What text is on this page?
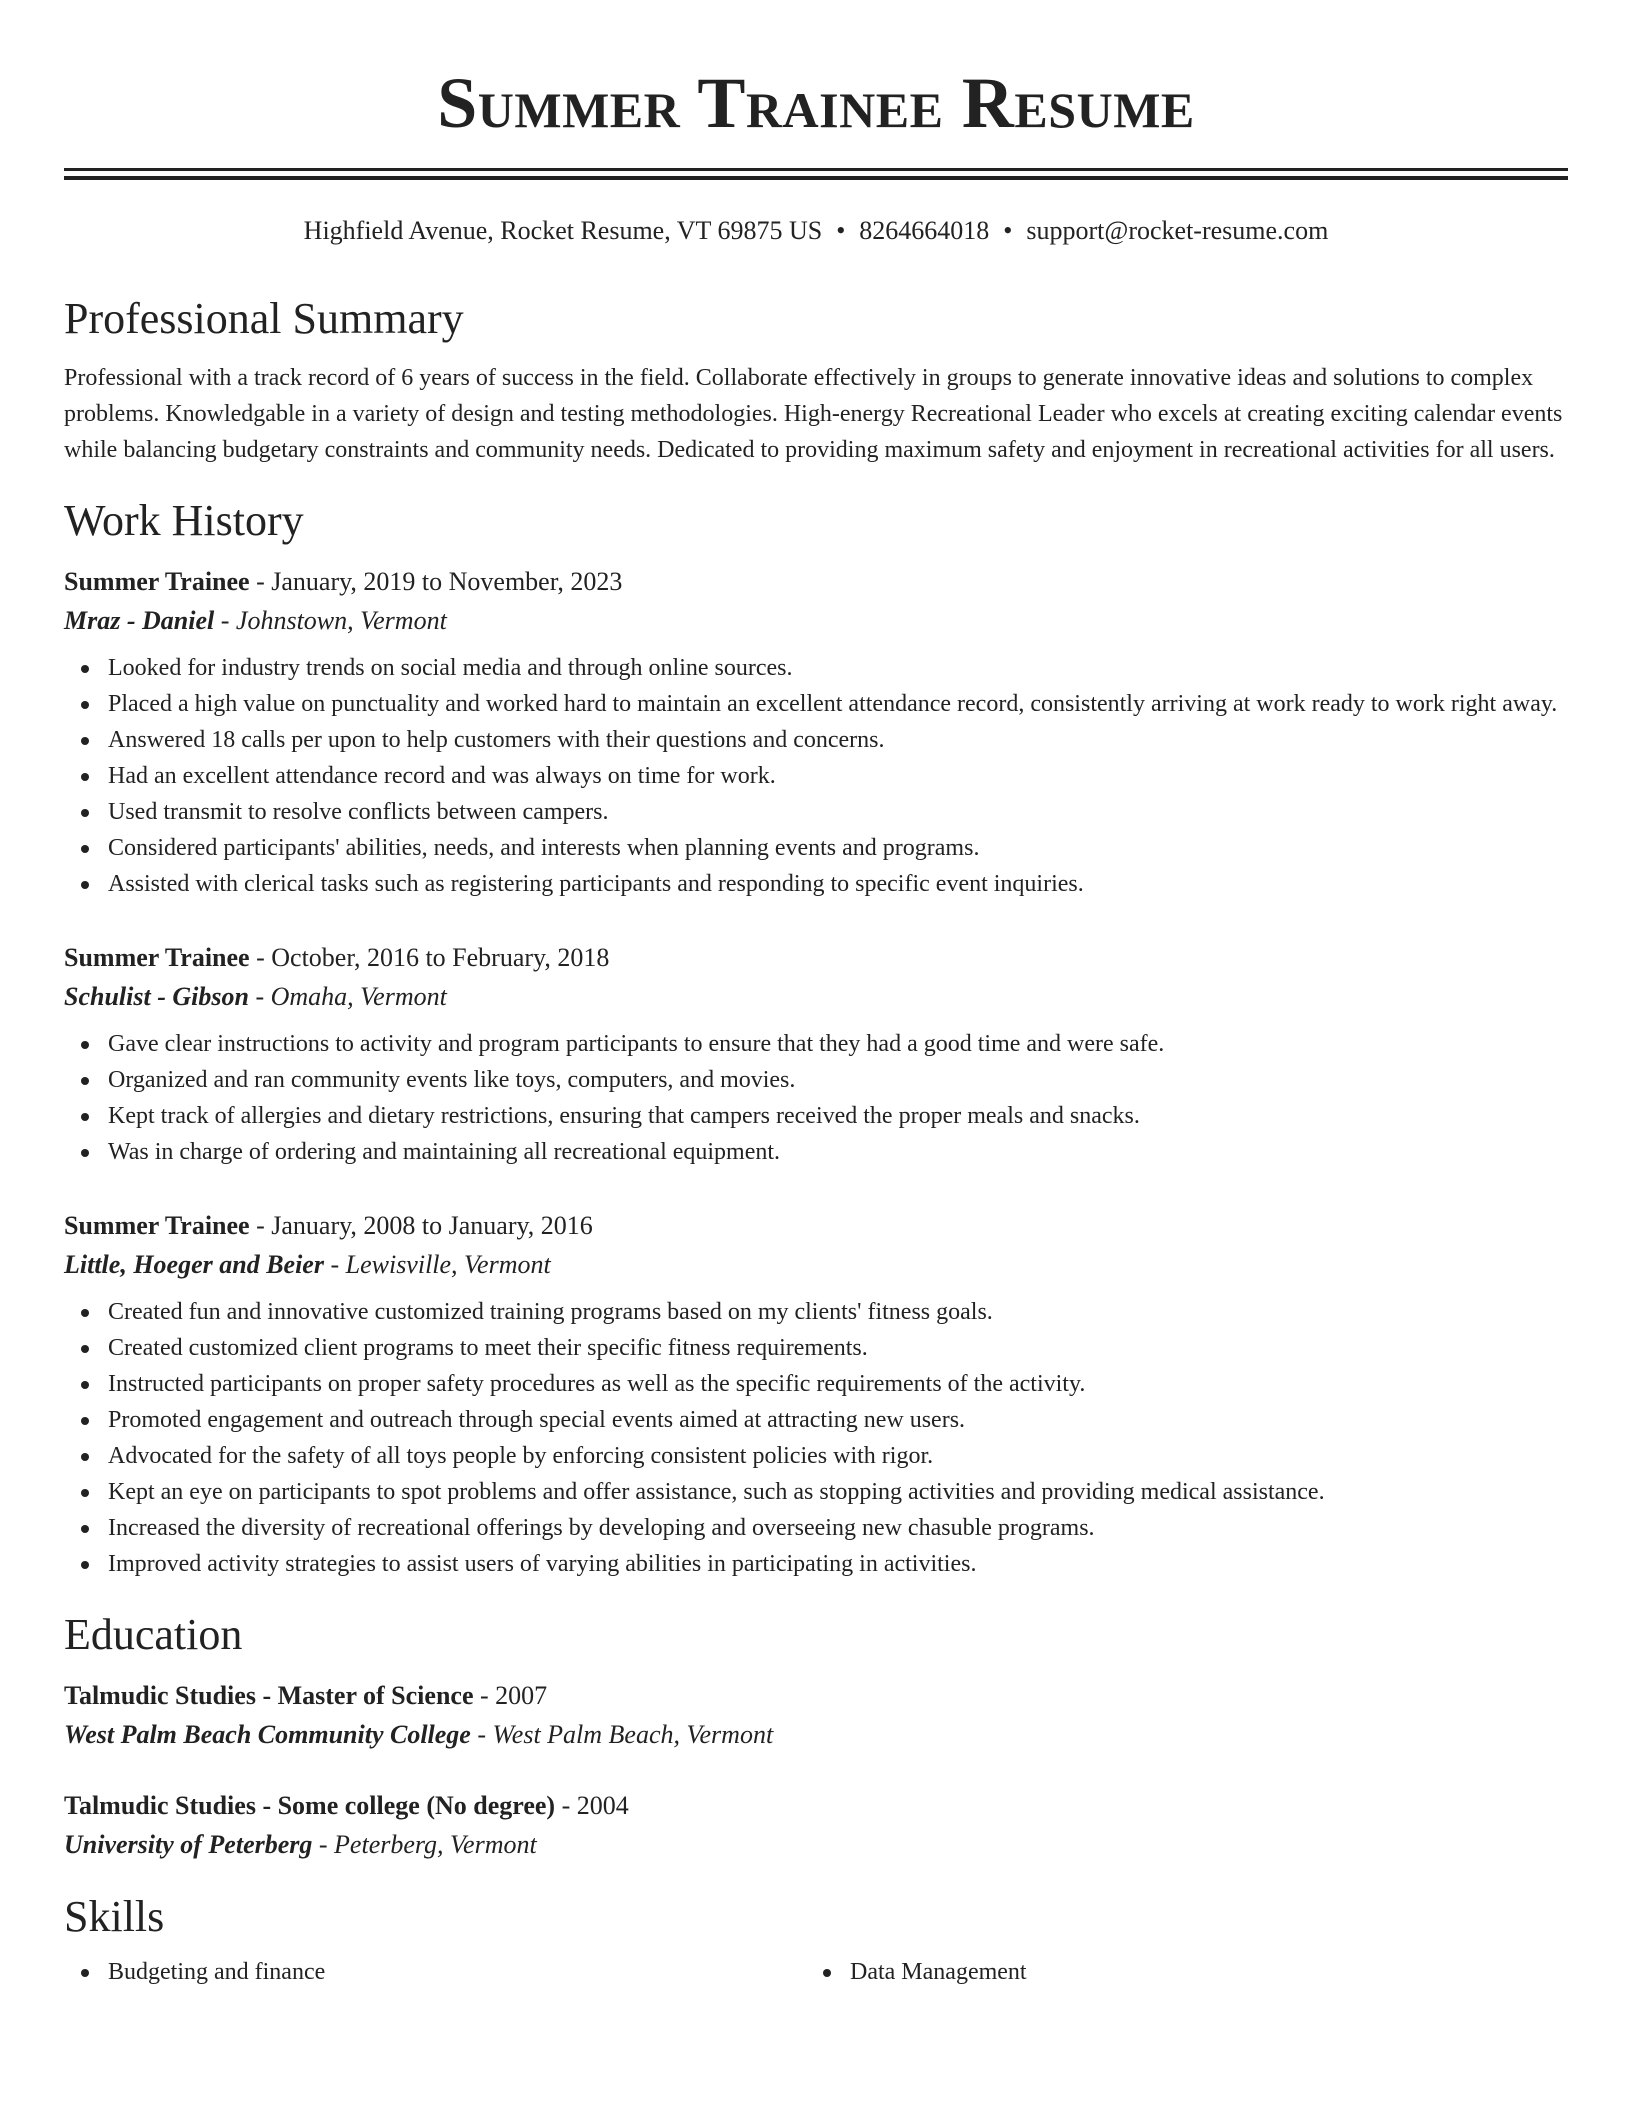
Summer Trainee Resume
Highfield Avenue, Rocket Resume, VT 69875 US • 8264664018 • support@rocket-resume.com
Professional Summary

Professional with a track record of 6 years of success in the field. Collaborate effectively in groups to generate innovative ideas and solutions to complex problems. Knowledgable in a variety of design and testing methodologies. High-energy Recreational Leader who excels at creating exciting calendar events while balancing budgetary constraints and community needs. Dedicated to providing maximum safety and enjoyment in recreational activities for all users.

Work History
Summer Trainee - January, 2019 to November, 2023
Mraz - Daniel - Johnstown, Vermont
Looked for industry trends on social media and through online sources.
Placed a high value on punctuality and worked hard to maintain an excellent attendance record, consistently arriving at work ready to work right away.
Answered 18 calls per upon to help customers with their questions and concerns.
Had an excellent attendance record and was always on time for work.
Used transmit to resolve conflicts between campers.
Considered participants' abilities, needs, and interests when planning events and programs.
Assisted with clerical tasks such as registering participants and responding to specific event inquiries.
Summer Trainee - October, 2016 to February, 2018
Schulist - Gibson - Omaha, Vermont
Gave clear instructions to activity and program participants to ensure that they had a good time and were safe.
Organized and ran community events like toys, computers, and movies.
Kept track of allergies and dietary restrictions, ensuring that campers received the proper meals and snacks.
Was in charge of ordering and maintaining all recreational equipment.
Summer Trainee - January, 2008 to January, 2016
Little, Hoeger and Beier - Lewisville, Vermont
Created fun and innovative customized training programs based on my clients' fitness goals.
Created customized client programs to meet their specific fitness requirements.
Instructed participants on proper safety procedures as well as the specific requirements of the activity.
Promoted engagement and outreach through special events aimed at attracting new users.
Advocated for the safety of all toys people by enforcing consistent policies with rigor.
Kept an eye on participants to spot problems and offer assistance, such as stopping activities and providing medical assistance.
Increased the diversity of recreational offerings by developing and overseeing new chasuble programs.
Improved activity strategies to assist users of varying abilities in participating in activities.
Education
Talmudic Studies - Master of Science - 2007
West Palm Beach Community College - West Palm Beach, Vermont
Talmudic Studies - Some college (No degree) - 2004
University of Peterberg - Peterberg, Vermont
Skills
Budgeting and finance	Data Management
